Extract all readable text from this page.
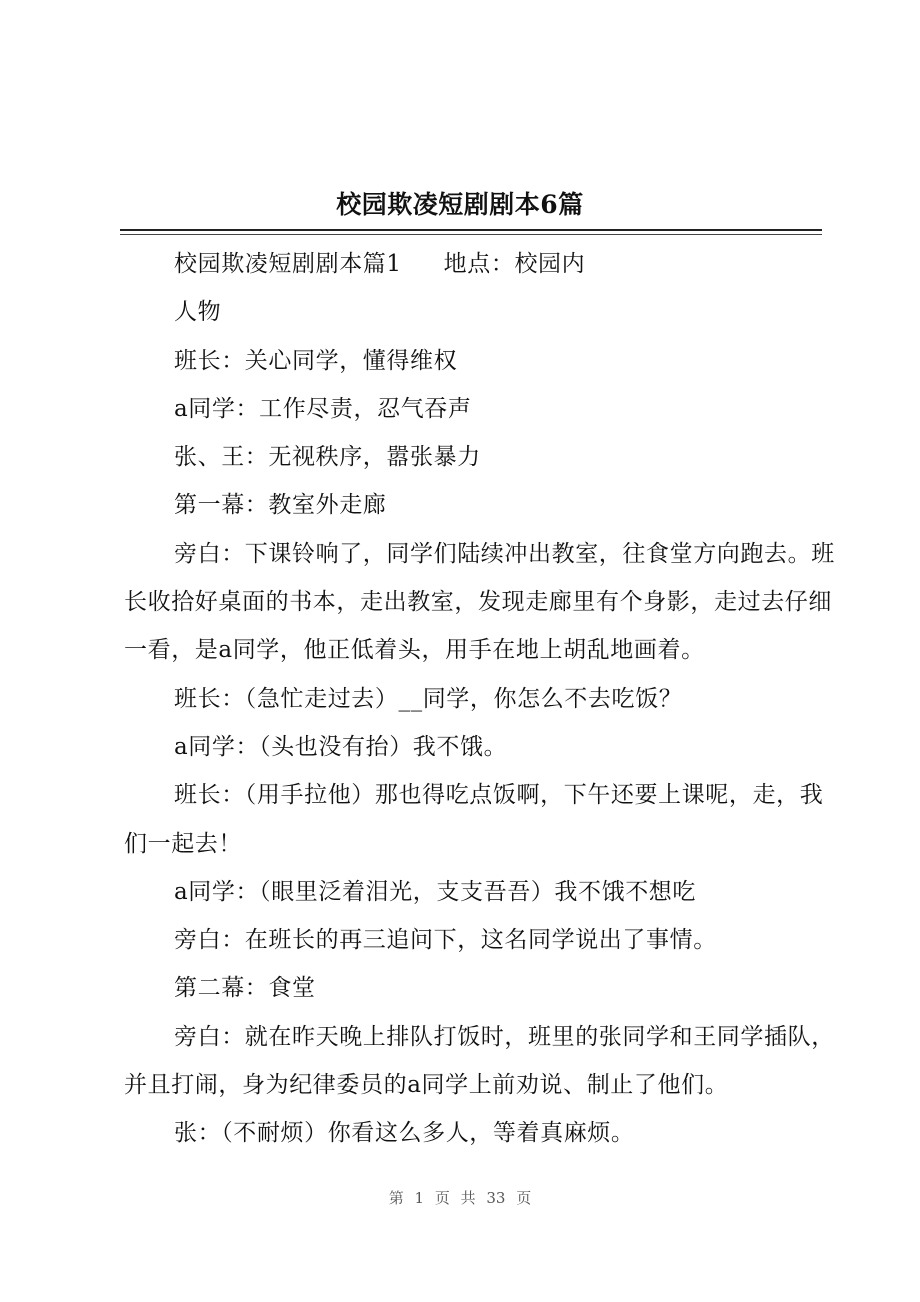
校园欺凌短剧剧本6篇

校园欺凌短剧剧本篇1 地点：校园内

人物

班长：关心同学，懂得维权

a同学：工作尽责，忍气吞声

张、王：无视秩序，嚣张暴力

第一幕：教室外走廊

旁白：下课铃响了，同学们陆续冲出教室，往食堂方向跑去。班长收拾好桌面的书本，走出教室，发现走廊里有个身影，走过去仔细一看，是a同学，他正低着头，用手在地上胡乱地画着。

班长：（急忙走过去）__同学，你怎么不去吃饭？

a同学：（头也没有抬）我不饿。

班长：（用手拉他）那也得吃点饭啊，下午还要上课呢，走，我们一起去！

a同学：（眼里泛着泪光，支支吾吾）我不饿不想吃

旁白：在班长的再三追问下，这名同学说出了事情。

第二幕：食堂

旁白：就在昨天晚上排队打饭时，班里的张同学和王同学插队，并且打闹，身为纪律委员的a同学上前劝说、制止了他们。

张：（不耐烦）你看这么多人，等着真麻烦。

第 1 页 共 33 页
